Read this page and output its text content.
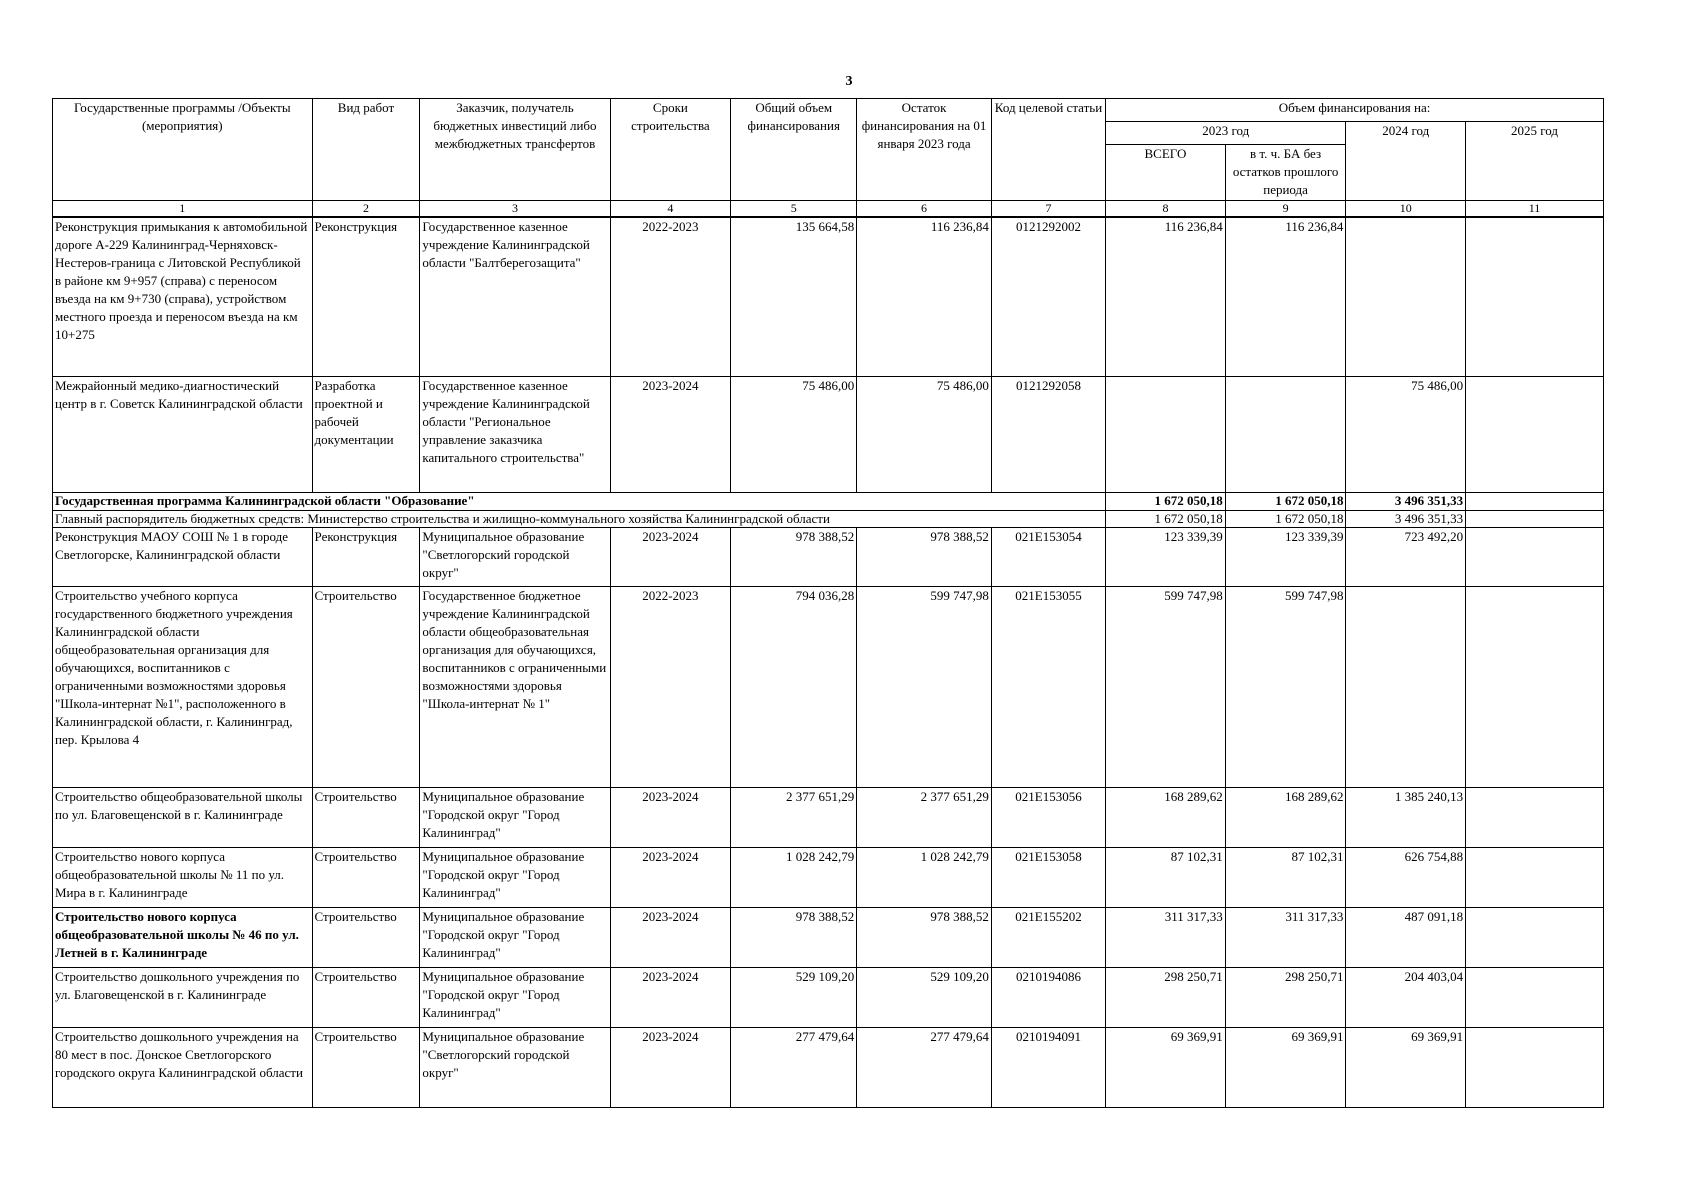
3
Государственные программы /Объекты (мероприятия)	Вид работ	Заказчик, получатель бюджетных инвестиций либо межбюджетных трансфертов	Сроки строительства	Общий объем финансирования	Остаток финансирования на 01 января 2023 года	Код целевой статьи	Объем финансирования на:			
							2023 год		2024 год	2025 год
							ВСЕГО	в т. ч. БА без остатков прошлого периода		
1	2	3	4	5	6	7	8	9	10	11
Реконструкция примыкания к автомобильной дороге А-229 Калининград-Черняховск-Нестеров-граница с Литовской Республикой в районе км 9+957 (справа) с переносом въезда на км 9+730 (справа), устройством местного проезда и переносом въезда на км 10+275	Реконструкция	Государственное казенное учреждение Калининградской области "Балтберегозащита"	2022-2023	135 664,58	116 236,84	0121292002	116 236,84	116 236,84		
Межрайонный медико-диагностический центр в г. Советск Калининградской области	Разработка проектной и рабочей документации	Государственное казенное учреждение Калининградской области "Региональное управление заказчика капитального строительства"	2023-2024	75 486,00	75 486,00	0121292058			75 486,00	
Государственная программа Калининградской области "Образование"							1 672 050,18	1 672 050,18	3 496 351,33	
Главный распорядитель бюджетных средств: Министерство строительства и жилищно-коммунального хозяйства Калининградской области							1 672 050,18	1 672 050,18	3 496 351,33	
Реконструкция МАОУ СОШ № 1 в городе Светлогорске, Калининградской области	Реконструкция	Муниципальное образование "Светлогорский городской округ"	2023-2024	978 388,52	978 388,52	021E153054	123 339,39	123 339,39	723 492,20	
Строительство учебного корпуса государственного бюджетного учреждения Калининградской области общеобразовательная организация для обучающихся, воспитанников с ограниченными возможностями здоровья "Школа-интернат №1", расположенного в Калининградской области, г. Калининград, пер. Крылова 4	Строительство	Государственное бюджетное учреждение Калининградской области общеобразовательная организация для обучающихся, воспитанников с ограниченными возможностями здоровья "Школа-интернат № 1"	2022-2023	794 036,28	599 747,98	021E153055	599 747,98	599 747,98		
Строительство общеобразовательной школы по ул. Благовещенской в г. Калининграде	Строительство	Муниципальное образование "Городской округ "Город Калининград"	2023-2024	2 377 651,29	2 377 651,29	021E153056	168 289,62	168 289,62	1 385 240,13	
Строительство нового корпуса общеобразовательной школы № 11 по ул. Мира в г. Калининграде	Строительство	Муниципальное образование "Городской округ "Город Калининград"	2023-2024	1 028 242,79	1 028 242,79	021E153058	87 102,31	87 102,31	626 754,88	
Строительство нового корпуса общеобразовательной школы № 46 по ул. Летней в г. Калининграде	Строительство	Муниципальное образование "Городской округ "Город Калининград"	2023-2024	978 388,52	978 388,52	021E155202	311 317,33	311 317,33	487 091,18	
Строительство дошкольного учреждения по ул. Благовещенской в г. Калининграде	Строительство	Муниципальное образование "Городской округ "Город Калининград"	2023-2024	529 109,20	529 109,20	0210194086	298 250,71	298 250,71	204 403,04	
Строительство дошкольного учреждения на 80 мест в пос. Донское Светлогорского городского округа Калининградской области	Строительство	Муниципальное образование "Светлогорский городской округ"	2023-2024	277 479,64	277 479,64	0210194091	69 369,91	69 369,91	69 369,91	
